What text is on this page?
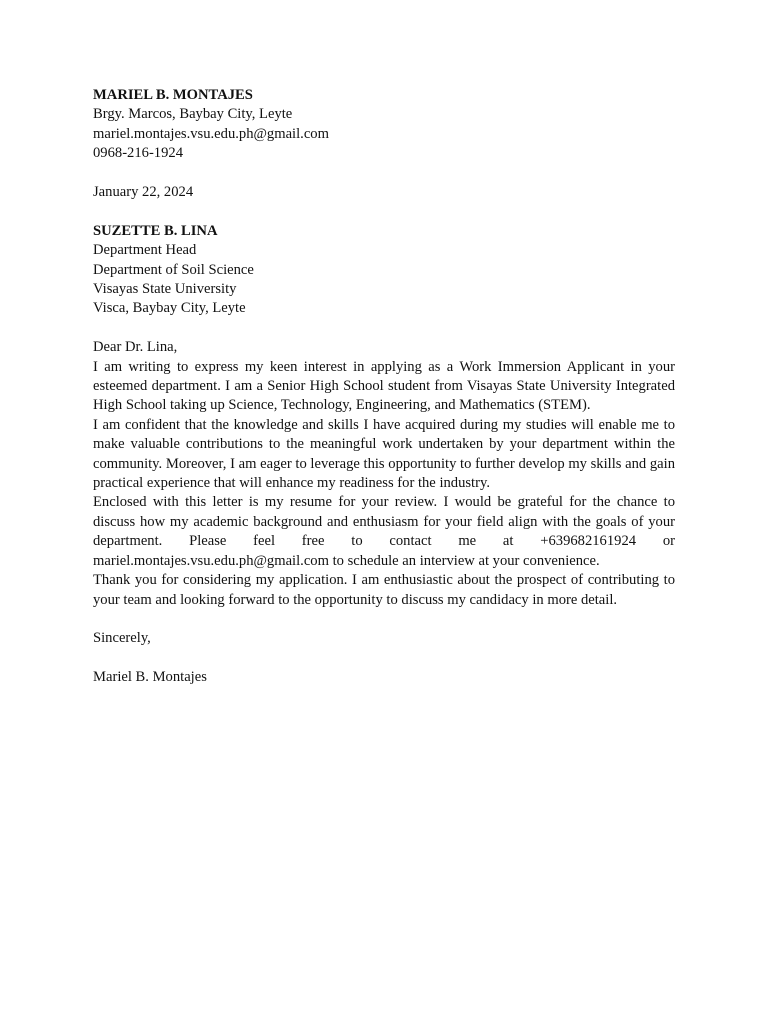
MARIEL B. MONTAJES
Brgy. Marcos, Baybay City, Leyte
mariel.montajes.vsu.edu.ph@gmail.com
0968-216-1924
January 22, 2024
SUZETTE B. LINA
Department Head
Department of Soil Science
Visayas State University
Visca, Baybay City, Leyte
Dear Dr. Lina,

I am writing to express my keen interest in applying as a Work Immersion Applicant in your esteemed department. I am a Senior High School student from Visayas State University Integrated High School taking up Science, Technology, Engineering, and Mathematics (STEM).

I am confident that the knowledge and skills I have acquired during my studies will enable me to make valuable contributions to the meaningful work undertaken by your department within the community. Moreover, I am eager to leverage this opportunity to further develop my skills and gain practical experience that will enhance my readiness for the industry.

Enclosed with this letter is my resume for your review. I would be grateful for the chance to discuss how my academic background and enthusiasm for your field align with the goals of your department. Please feel free to contact me at +639682161924 or mariel.montajes.vsu.edu.ph@gmail.com to schedule an interview at your convenience.

Thank you for considering my application. I am enthusiastic about the prospect of contributing to your team and looking forward to the opportunity to discuss my candidacy in more detail.

Sincerely,
Mariel B. Montajes
